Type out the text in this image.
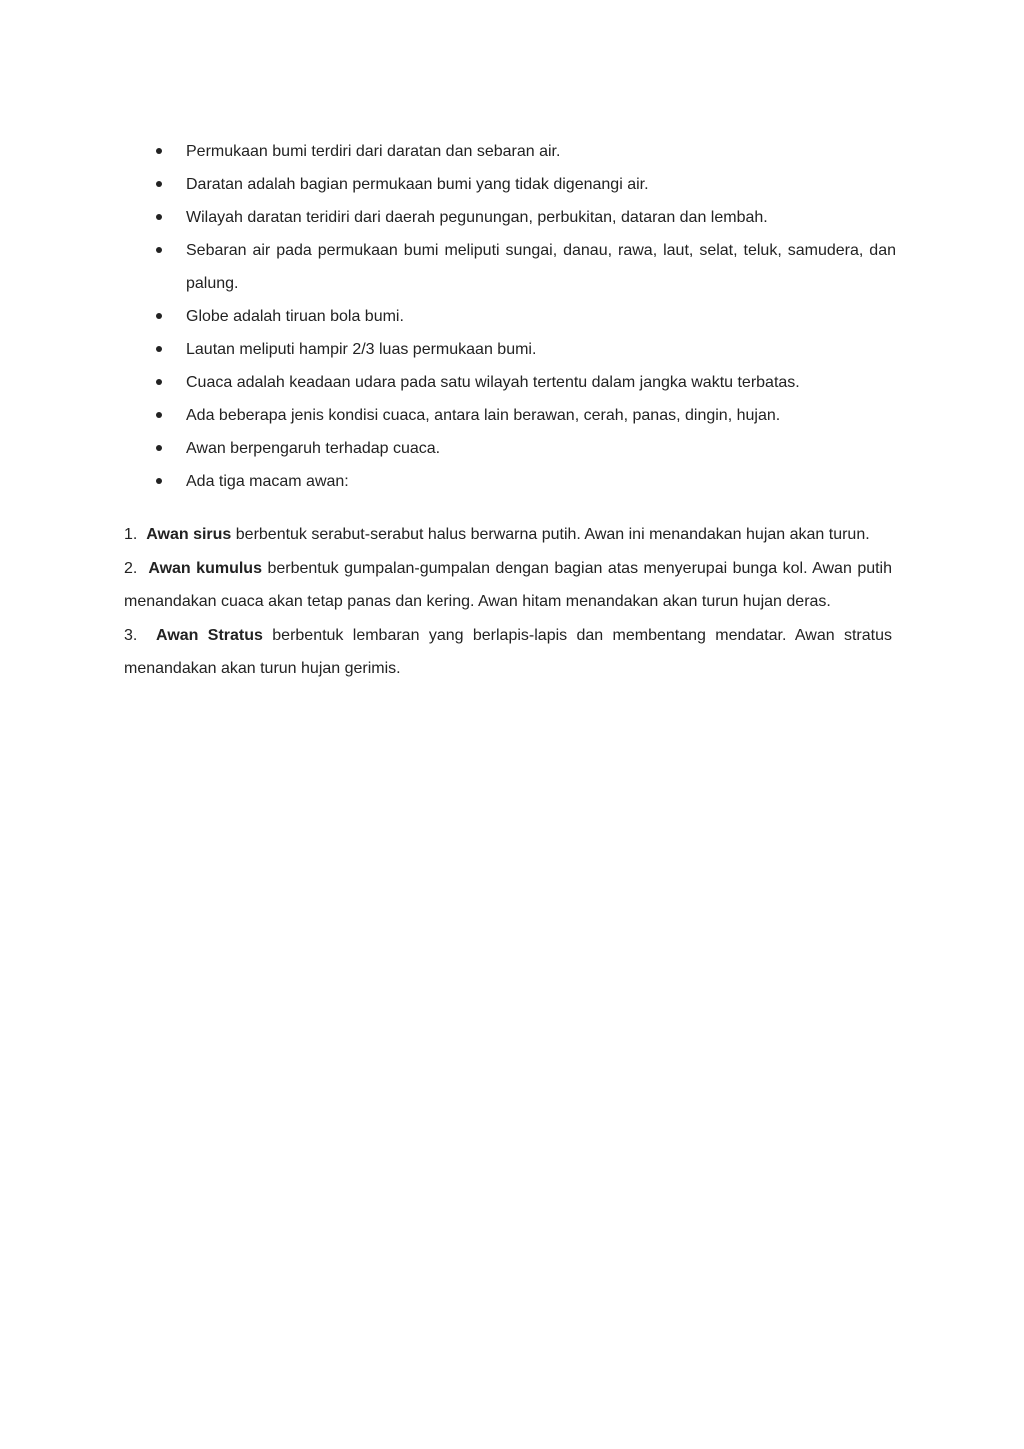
Permukaan bumi terdiri dari daratan dan sebaran air.
Daratan adalah bagian permukaan bumi yang tidak digenangi air.
Wilayah daratan teridiri dari daerah pegunungan, perbukitan, dataran dan lembah.
Sebaran air pada permukaan bumi meliputi sungai, danau, rawa, laut, selat, teluk, samudera, dan palung.
Globe adalah tiruan bola bumi.
Lautan meliputi hampir 2/3 luas permukaan bumi.
Cuaca adalah keadaan udara pada satu wilayah tertentu dalam jangka waktu terbatas.
Ada beberapa jenis kondisi cuaca, antara lain berawan, cerah, panas, dingin, hujan.
Awan berpengaruh terhadap cuaca.
Ada tiga macam awan:

1. Awan sirus berbentuk serabut-serabut halus berwarna putih. Awan ini menandakan hujan akan turun.

2. Awan kumulus berbentuk gumpalan-gumpalan dengan bagian atas menyerupai bunga kol. Awan putih menandakan cuaca akan tetap panas dan kering. Awan hitam menandakan akan turun hujan deras.

3. Awan Stratus berbentuk lembaran yang berlapis-lapis dan membentang mendatar. Awan stratus menandakan akan turun hujan gerimis.
